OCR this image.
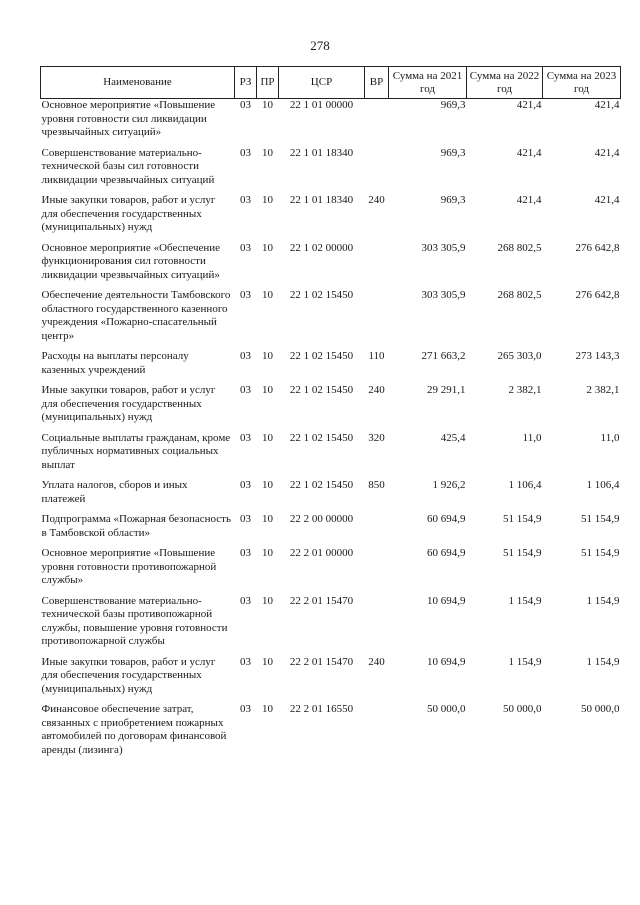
278
Наименование	РЗ	ПР	ЦСР	ВР	Сумма на 2021 год	Сумма на 2022 год	Сумма на 2023 год
Основное мероприятие «Повышение уровня готовности сил ликвидации чрезвычайных ситуаций»	03	10	22 1 01 00000		969,3	421,4	421,4
Совершенствование материально-технической базы сил готовности ликвидации чрезвычайных ситуаций	03	10	22 1 01 18340		969,3	421,4	421,4
Иные закупки товаров, работ и услуг для обеспечения государственных (муниципальных) нужд	03	10	22 1 01 18340	240	969,3	421,4	421,4
Основное мероприятие «Обеспечение функционирования сил готовности ликвидации чрезвычайных ситуаций»	03	10	22 1 02 00000		303 305,9	268 802,5	276 642,8
Обеспечение деятельности Тамбовского областного государственного казенного учреждения «Пожарно-спасательный центр»	03	10	22 1 02 15450		303 305,9	268 802,5	276 642,8
Расходы на выплаты персоналу казенных учреждений	03	10	22 1 02 15450	110	271 663,2	265 303,0	273 143,3
Иные закупки товаров, работ и услуг для обеспечения государственных (муниципальных) нужд	03	10	22 1 02 15450	240	29 291,1	2 382,1	2 382,1
Социальные выплаты гражданам, кроме публичных нормативных социальных выплат	03	10	22 1 02 15450	320	425,4	11,0	11,0
Уплата налогов, сборов и иных платежей	03	10	22 1 02 15450	850	1 926,2	1 106,4	1 106,4
Подпрограмма «Пожарная безопасность в Тамбовской области»	03	10	22 2 00 00000		60 694,9	51 154,9	51 154,9
Основное мероприятие «Повышение уровня готовности противопожарной службы»	03	10	22 2 01 00000		60 694,9	51 154,9	51 154,9
Совершенствование материально-технической базы противопожарной службы, повышение уровня готовности противопожарной службы	03	10	22 2 01 15470		10 694,9	1 154,9	1 154,9
Иные закупки товаров, работ и услуг для обеспечения государственных (муниципальных) нужд	03	10	22 2 01 15470	240	10 694,9	1 154,9	1 154,9
Финансовое обеспечение затрат, связанных с приобретением пожарных автомобилей по договорам финансовой аренды (лизинга)	03	10	22 2 01 16550		50 000,0	50 000,0	50 000,0
